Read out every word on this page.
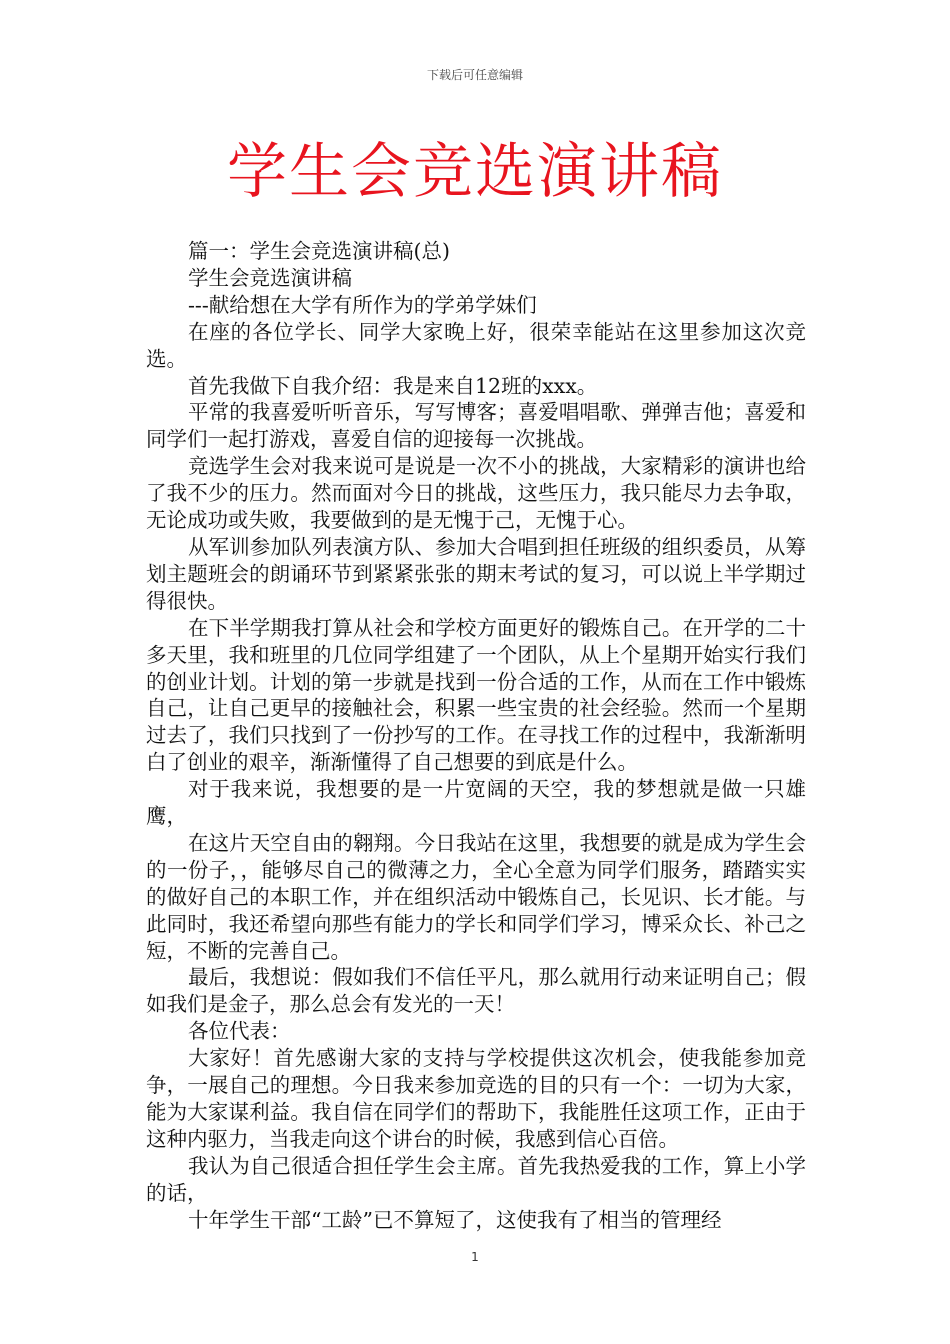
下载后可任意编辑
学生会竞选演讲稿

篇一：学生会竞选演讲稿(总)

学生会竞选演讲稿

---献给想在大学有所作为的学弟学妹们

在座的各位学长、同学大家晚上好，很荣幸能站在这里参加这次竞选。

首先我做下自我介绍：我是来自12班的xxx。

平常的我喜爱听听音乐，写写博客；喜爱唱唱歌、弹弹吉他；喜爱和同学们一起打游戏，喜爱自信的迎接每一次挑战。

竞选学生会对我来说可是说是一次不小的挑战，大家精彩的演讲也给了我不少的压力。然而面对今日的挑战，这些压力，我只能尽力去争取，无论成功或失败，我要做到的是无愧于己，无愧于心。

从军训参加队列表演方队、参加大合唱到担任班级的组织委员，从筹划主题班会的朗诵环节到紧紧张张的期末考试的复习，可以说上半学期过得很快。

在下半学期我打算从社会和学校方面更好的锻炼自己。在开学的二十多天里，我和班里的几位同学组建了一个团队，从上个星期开始实行我们的创业计划。计划的第一步就是找到一份合适的工作，从而在工作中锻炼自己，让自己更早的接触社会，积累一些宝贵的社会经验。然而一个星期过去了，我们只找到了一份抄写的工作。在寻找工作的过程中，我渐渐明白了创业的艰辛，渐渐懂得了自己想要的到底是什么。

对于我来说，我想要的是一片宽阔的天空，我的梦想就是做一只雄鹰，

在这片天空自由的翱翔。今日我站在这里，我想要的就是成为学生会的一份子，，能够尽自己的微薄之力，全心全意为同学们服务，踏踏实实的做好自己的本职工作，并在组织活动中锻炼自己，长见识、长才能。与此同时，我还希望向那些有能力的学长和同学们学习，博采众长、补己之短，不断的完善自己。

最后，我想说：假如我们不信任平凡，那么就用行动来证明自己；假如我们是金子，那么总会有发光的一天！

各位代表：

大家好！首先感谢大家的支持与学校提供这次机会，使我能参加竞争，一展自己的理想。今日我来参加竞选的目的只有一个：一切为大家，能为大家谋利益。我自信在同学们的帮助下，我能胜任这项工作，正由于这种内驱力，当我走向这个讲台的时候，我感到信心百倍。

我认为自己很适合担任学生会主席。首先我热爱我的工作，算上小学的话，

十年学生干部“工龄”已不算短了，这使我有了相当的管理经

1
